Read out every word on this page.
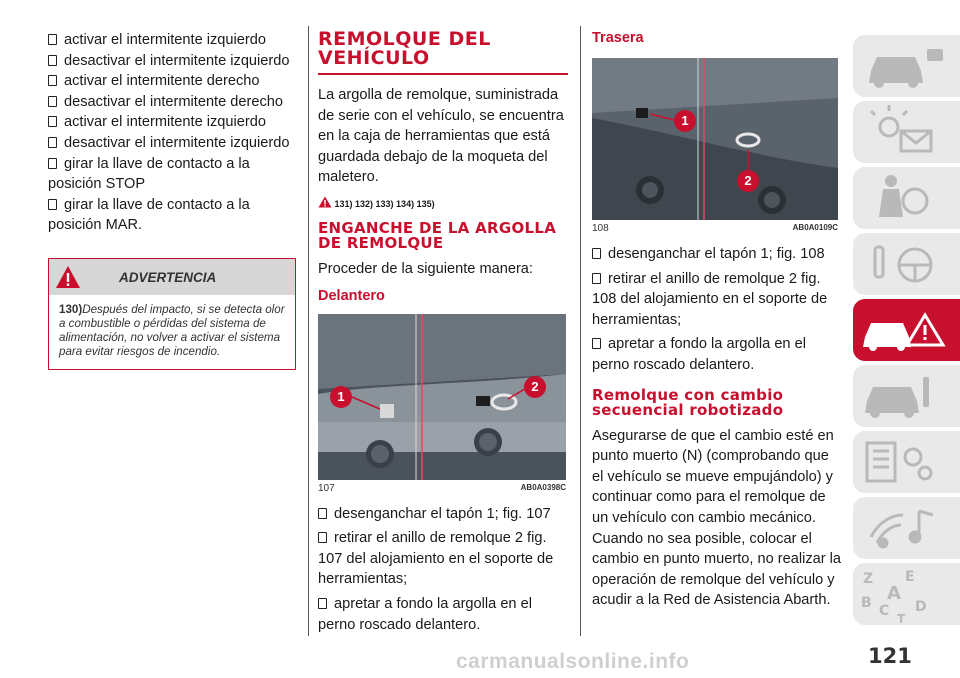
activar el intermitente izquierdo
desactivar el intermitente izquierdo
activar el intermitente derecho
desactivar el intermitente derecho
activar el intermitente izquierdo
desactivar el intermitente izquierdo
girar la llave de contacto a la posición STOP
girar la llave de contacto a la posición MAR.
ADVERTENCIA
130)Después del impacto, si se detecta olor a combustible o pérdidas del sistema de alimentación, no volver a activar el sistema para evitar riesgos de incendio.
REMOLQUE DEL VEHÍCULO

La argolla de remolque, suministrada de serie con el vehículo, se encuentra en la caja de herramientas que está guardada debajo de la moqueta del maletero.

131) 132) 133) 134) 135)
ENGANCHE DE LA ARGOLLA DE REMOLQUE

Proceder de la siguiente manera:

Delantero
1
2
107	AB0A0398C
desenganchar el tapón 1; fig. 107
retirar el anillo de remolque 2 fig. 107 del alojamiento en el soporte de herramientas;
apretar a fondo la argolla en el perno roscado delantero.
Trasera
1
2
108	AB0A0109C
desenganchar el tapón 1; fig. 108
retirar el anillo de remolque 2 fig. 108 del alojamiento en el soporte de herramientas;
apretar a fondo la argolla en el perno roscado delantero.
Remolque con cambio secuencial robotizado

Asegurarse de que el cambio esté en punto muerto (N) (comprobando que el vehículo se mueve empujándolo) y continuar como para el remolque de un vehículo con cambio mecánico. Cuando no sea posible, colocar el cambio en punto muerto, no realizar la operación de remolque del vehículo y acudir a la Red de Asistencia Abarth.

Z E
A
B C D
T
121
carmanualsonline.info
